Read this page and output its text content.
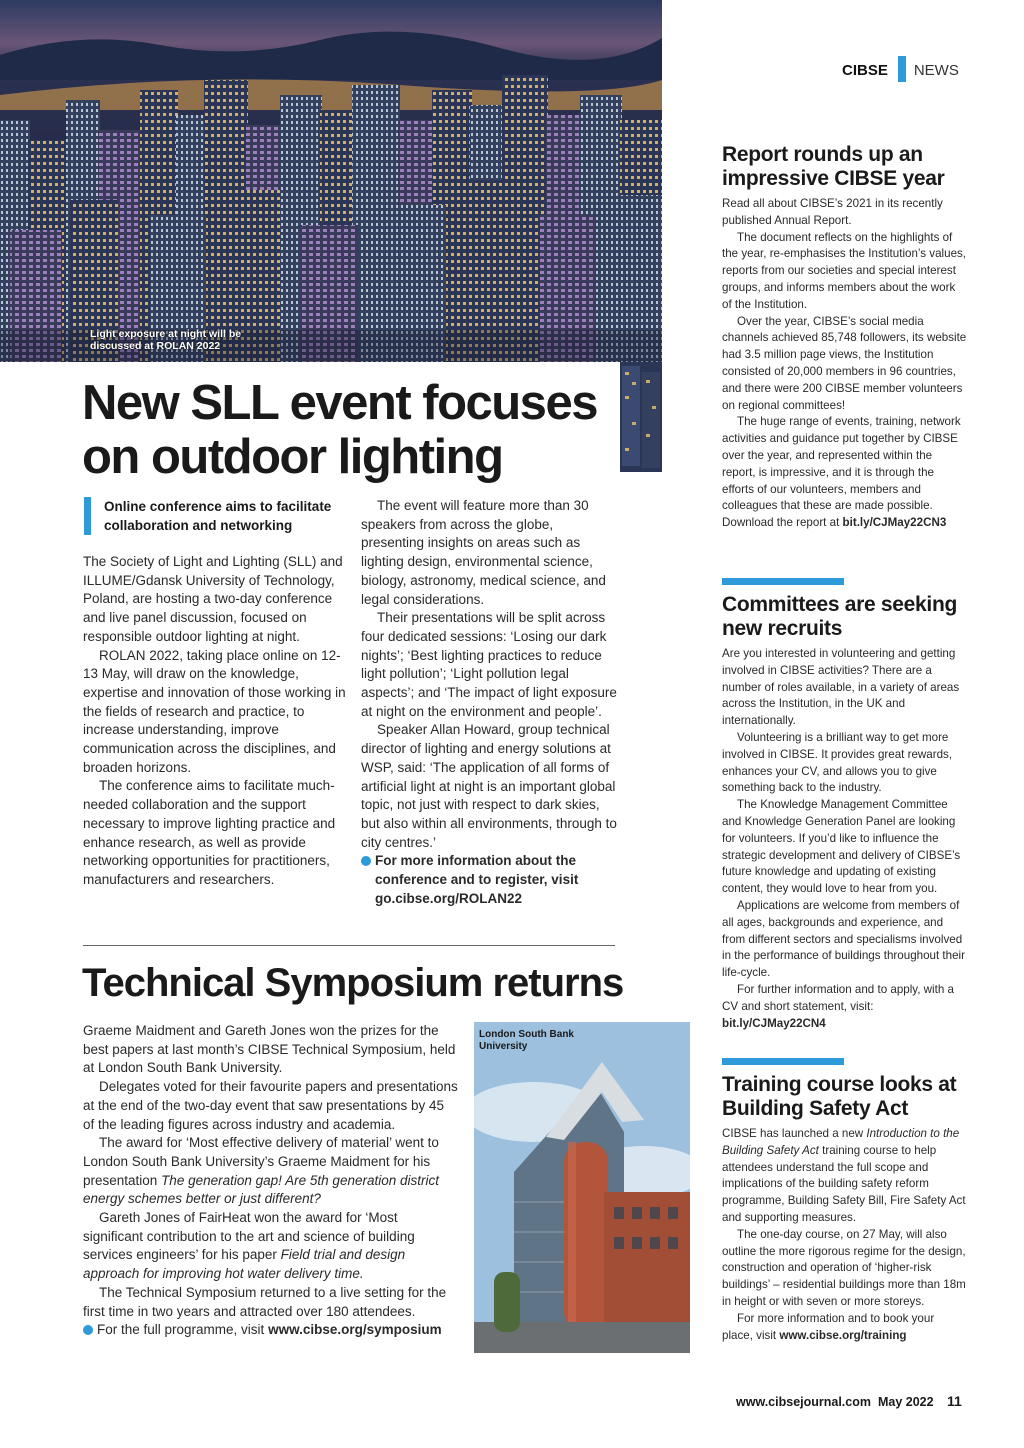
CIBSE NEWS
Light exposure at night will be discussed at ROLAN 2022
New SLL event focuses on outdoor lighting
Online conference aims to facilitate collaboration and networking

The Society of Light and Lighting (SLL) and ILLUME/Gdansk University of Technology, Poland, are hosting a two-day conference and live panel discussion, focused on responsible outdoor lighting at night.

ROLAN 2022, taking place online on 12-13 May, will draw on the knowledge, expertise and innovation of those working in the fields of research and practice, to increase understanding, improve communication across the disciplines, and broaden horizons.

The conference aims to facilitate much-needed collaboration and the support necessary to improve lighting practice and enhance research, as well as provide networking opportunities for practitioners, manufacturers and researchers.

The event will feature more than 30 speakers from across the globe, presenting insights on areas such as lighting design, environmental science, biology, astronomy, medical science, and legal considerations.

Their presentations will be split across four dedicated sessions: ‘Losing our dark nights’; ‘Best lighting practices to reduce light pollution’; ‘Light pollution legal aspects’; and ‘The impact of light exposure at night on the environment and people’.

Speaker Allan Howard, group technical director of lighting and energy solutions at WSP, said: ‘The application of all forms of artificial light at night is an important global topic, not just with respect to dark skies, but also within all environments, through to city centres.’

For more information about the conference and to register, visit go.cibse.org/ROLAN22

Technical Symposium returns

Graeme Maidment and Gareth Jones won the prizes for the best papers at last month’s CIBSE Technical Symposium, held at London South Bank University.

Delegates voted for their favourite papers and presentations at the end of the two-day event that saw presentations by 45 of the leading figures across industry and academia.

The award for ‘Most effective delivery of material’ went to London South Bank University’s Graeme Maidment for his presentation The generation gap! Are 5th generation district energy schemes better or just different?

Gareth Jones of FairHeat won the award for ‘Most significant contribution to the art and science of building services engineers’ for his paper Field trial and design approach for improving hot water delivery time.

The Technical Symposium returned to a live setting for the first time in two years and attracted over 180 attendees.

For the full programme, visit www.cibse.org/symposium

London South Bank University
Report rounds up an impressive CIBSE year

Read all about CIBSE’s 2021 in its recently published Annual Report.

The document reflects on the highlights of the year, re-emphasises the Institution’s values, reports from our societies and special interest groups, and informs members about the work of the Institution.

Over the year, CIBSE’s social media channels achieved 85,748 followers, its website had 3.5 million page views, the Institution consisted of 20,000 members in 96 countries, and there were 200 CIBSE member volunteers on regional committees!

The huge range of events, training, network activities and guidance put together by CIBSE over the year, and represented within the report, is impressive, and it is through the efforts of our volunteers, members and colleagues that these are made possible. Download the report at bit.ly/CJMay22CN3

Committees are seeking new recruits

Are you interested in volunteering and getting involved in CIBSE activities? There are a number of roles available, in a variety of areas across the Institution, in the UK and internationally.

Volunteering is a brilliant way to get more involved in CIBSE. It provides great rewards, enhances your CV, and allows you to give something back to the industry.

The Knowledge Management Committee and Knowledge Generation Panel are looking for volunteers. If you’d like to influence the strategic development and delivery of CIBSE’s future knowledge and updating of existing content, they would love to hear from you.

Applications are welcome from members of all ages, backgrounds and experience, and from different sectors and specialisms involved in the performance of buildings throughout their life-cycle.

For further information and to apply, with a CV and short statement, visit: bit.ly/CJMay22CN4

Training course looks at Building Safety Act

CIBSE has launched a new Introduction to the Building Safety Act training course to help attendees understand the full scope and implications of the building safety reform programme, Building Safety Bill, Fire Safety Act and supporting measures.

The one-day course, on 27 May, will also outline the more rigorous regime for the design, construction and operation of ‘higher-risk buildings’ – residential buildings more than 18m in height or with seven or more storeys.

For more information and to book your place, visit www.cibse.org/training

www.cibsejournal.com May 2022 11
